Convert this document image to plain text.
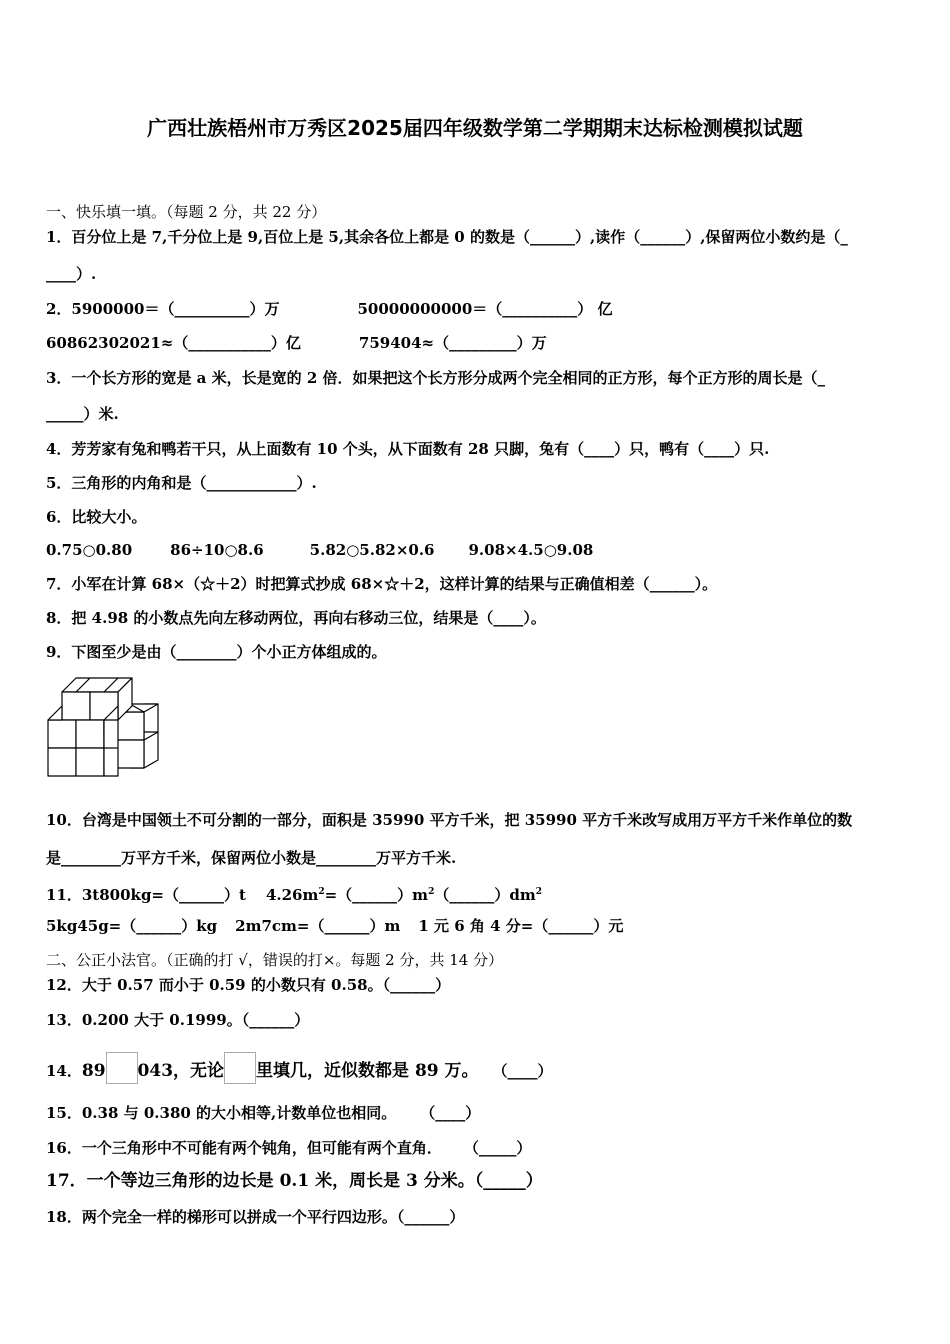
广西壮族梧州市万秀区2025届四年级数学第二学期期末达标检测模拟试题
一、快乐填一填。（每题 2 分，共 22 分）
1．百分位上是 7,千分位上是 9,百位上是 5,其余各位上都是 0 的数是（______）,读作（______）,保留两位小数约是（_
____）.
2．5900000＝（__________）万	50000000000＝（__________） 亿
60862302021≈（___________）亿	759404≈（_________）万
3．一个长方形的宽是 a 米，长是宽的 2 倍．如果把这个长方形分成两个完全相同的正方形，每个正方形的周长是（_
_____）米.
4．芳芳家有兔和鸭若干只，从上面数有 10 个头，从下面数有 28 只脚，兔有（____）只，鸭有（____）只.
5．三角形的内角和是（____________）.
6．比较大小。
0.75○0.80	86÷10○8.6	5.82○5.82×0.6 9.08×4.5○9.08
7．小军在计算 68×（☆＋2）时把算式抄成 68×☆＋2，这样计算的结果与正确值相差（______）。
8．把 4.98 的小数点先向左移动两位，再向右移动三位，结果是（____）。
9．下图至少是由（________）个小正方体组成的。
10．台湾是中国领土不可分割的一部分，面积是 35990 平方千米，把 35990 平方千米改写成用万平方千米作单位的数
是________万平方千米，保留两位小数是________万平方千米.
11．3t800kg=（______）t $4.26m^2=(\_\_\_\_\_\_)m^2(\_\_\_\_\_\_)dm^2$
5kg45g=（______）kg 2m7cm=（______）m 1 元 6 角 4 分=（______）元
二、公正小法官。（正确的打 √，错误的打×。每题 2 分，共 14 分）
12．大于 0.57 而小于 0.59 的小数只有 0.58。（______）
13．0.200 大于 0.1999。（______）
14．89 043，无论 里填几，近似数都是 89 万。 （____）
15．0.38 与 0.380 的大小相等,计数单位也相同。 （____）
16．一个三角形中不可能有两个钝角，但可能有两个直角． （_____）
17．一个等边三角形的边长是 0.1 米，周长是 3 分米。（_____）
18．两个完全一样的梯形可以拼成一个平行四边形。（______）
